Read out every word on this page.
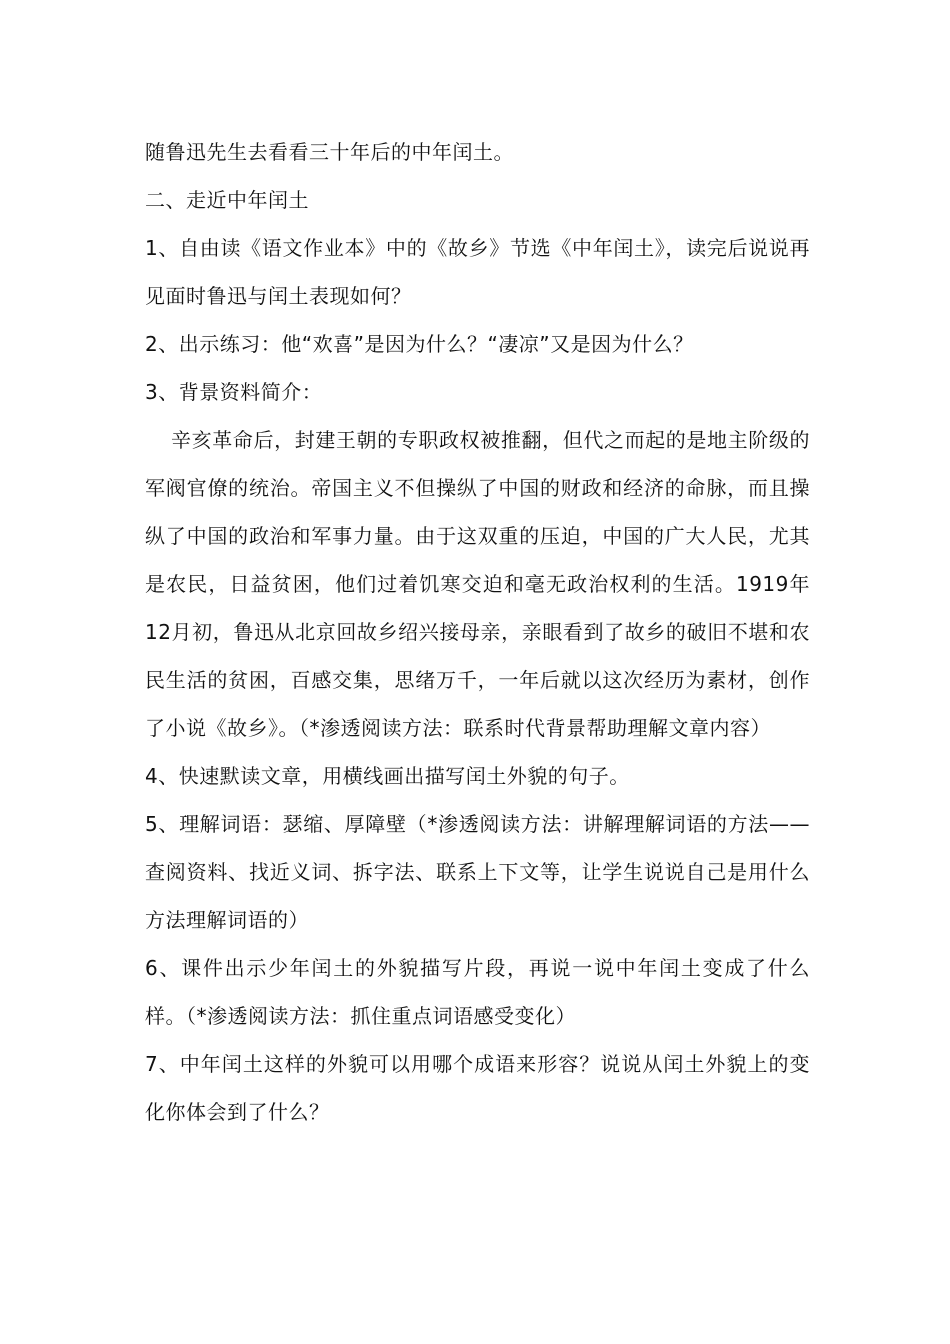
随鲁迅先生去看看三十年后的中年闰土。

二、走近中年闰土

1、自由读《语文作业本》中的《故乡》节选《中年闰土》，读完后说说再见面时鲁迅与闰土表现如何？

2、出示练习：他“欢喜”是因为什么？“凄凉”又是因为什么？

3、背景资料简介：

辛亥革命后，封建王朝的专职政权被推翻，但代之而起的是地主阶级的军阀官僚的统治。帝国主义不但操纵了中国的财政和经济的命脉，而且操纵了中国的政治和军事力量。由于这双重的压迫，中国的广大人民，尤其是农民，日益贫困，他们过着饥寒交迫和毫无政治权利的生活。1919年12月初，鲁迅从北京回故乡绍兴接母亲，亲眼看到了故乡的破旧不堪和农民生活的贫困，百感交集，思绪万千，一年后就以这次经历为素材，创作了小说《故乡》。（*渗透阅读方法：联系时代背景帮助理解文章内容）

4、快速默读文章，用横线画出描写闰土外貌的句子。

5、理解词语：瑟缩、厚障壁（*渗透阅读方法：讲解理解词语的方法——查阅资料、找近义词、拆字法、联系上下文等，让学生说说自己是用什么方法理解词语的）

6、课件出示少年闰土的外貌描写片段，再说一说中年闰土变成了什么样。（*渗透阅读方法：抓住重点词语感受变化）

7、中年闰土这样的外貌可以用哪个成语来形容？说说从闰土外貌上的变化你体会到了什么？
